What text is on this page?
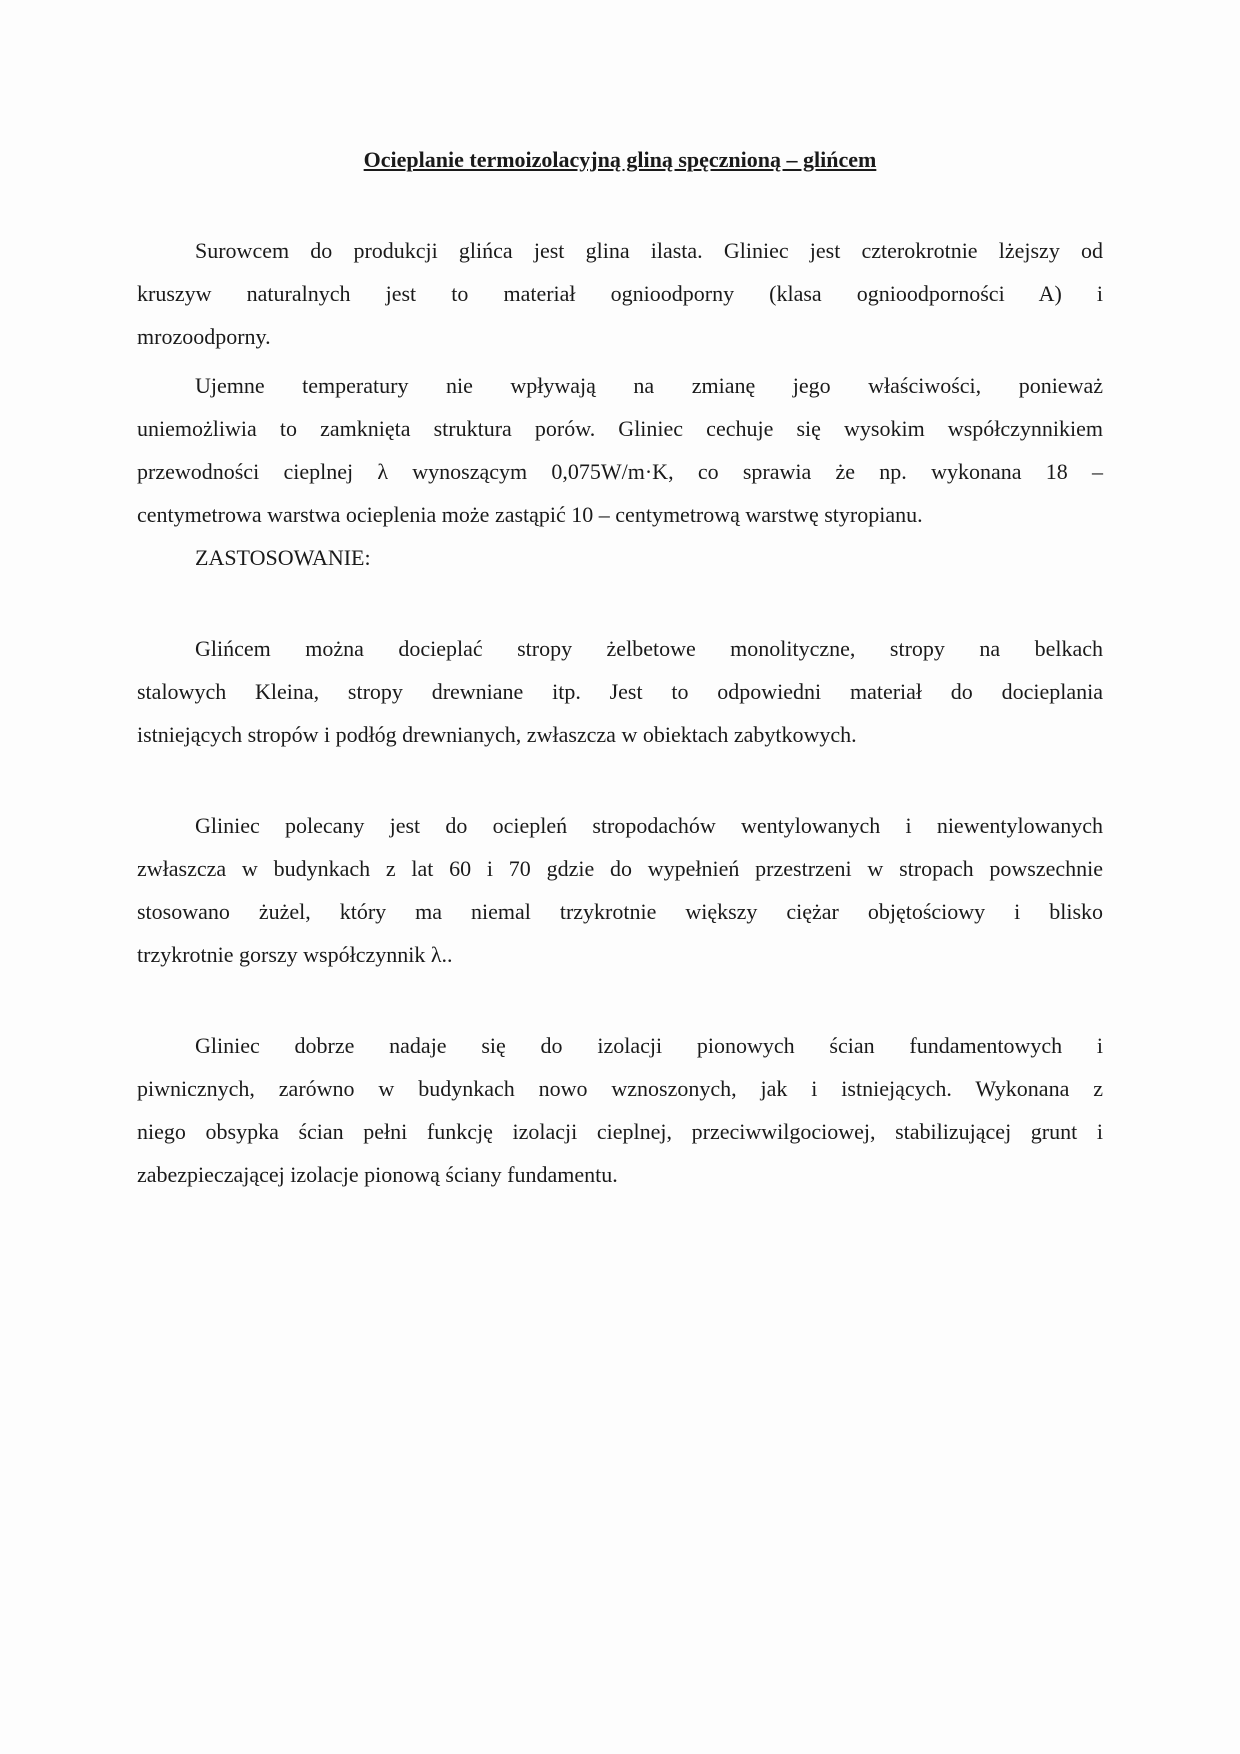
Ocieplanie termoizolacyjną gliną spęcznioną – glińcem
Surowcem do produkcji glińca jest glina ilasta. Gliniec jest czterokrotnie lżejszy od
kruszyw naturalnych jest to materiał ognioodporny (klasa ognioodporności A) i
mrozoodporny.
Ujemne temperatury nie wpływają na zmianę jego właściwości, ponieważ
uniemożliwia to zamknięta struktura porów. Gliniec cechuje się wysokim współczynnikiem
przewodności cieplnej λ wynoszącym 0,075W/m·K, co sprawia że np. wykonana 18 –
centymetrowa warstwa ocieplenia może zastąpić 10 – centymetrową warstwę styropianu.
ZASTOSOWANIE:
Glińcem można docieplać stropy żelbetowe monolityczne, stropy na belkach
stalowych Kleina, stropy drewniane itp. Jest to odpowiedni materiał do docieplania
istniejących stropów i podłóg drewnianych, zwłaszcza w obiektach zabytkowych.
Gliniec polecany jest do ociepleń stropodachów wentylowanych i niewentylowanych
zwłaszcza w budynkach z lat 60 i 70 gdzie do wypełnień przestrzeni w stropach powszechnie
stosowano żużel, który ma niemal trzykrotnie większy ciężar objętościowy i blisko
trzykrotnie gorszy współczynnik λ..
Gliniec dobrze nadaje się do izolacji pionowych ścian fundamentowych i
piwnicznych, zarówno w budynkach nowo wznoszonych, jak i istniejących. Wykonana z
niego obsypka ścian pełni funkcję izolacji cieplnej, przeciwwilgociowej, stabilizującej grunt i
zabezpieczającej izolacje pionową ściany fundamentu.
